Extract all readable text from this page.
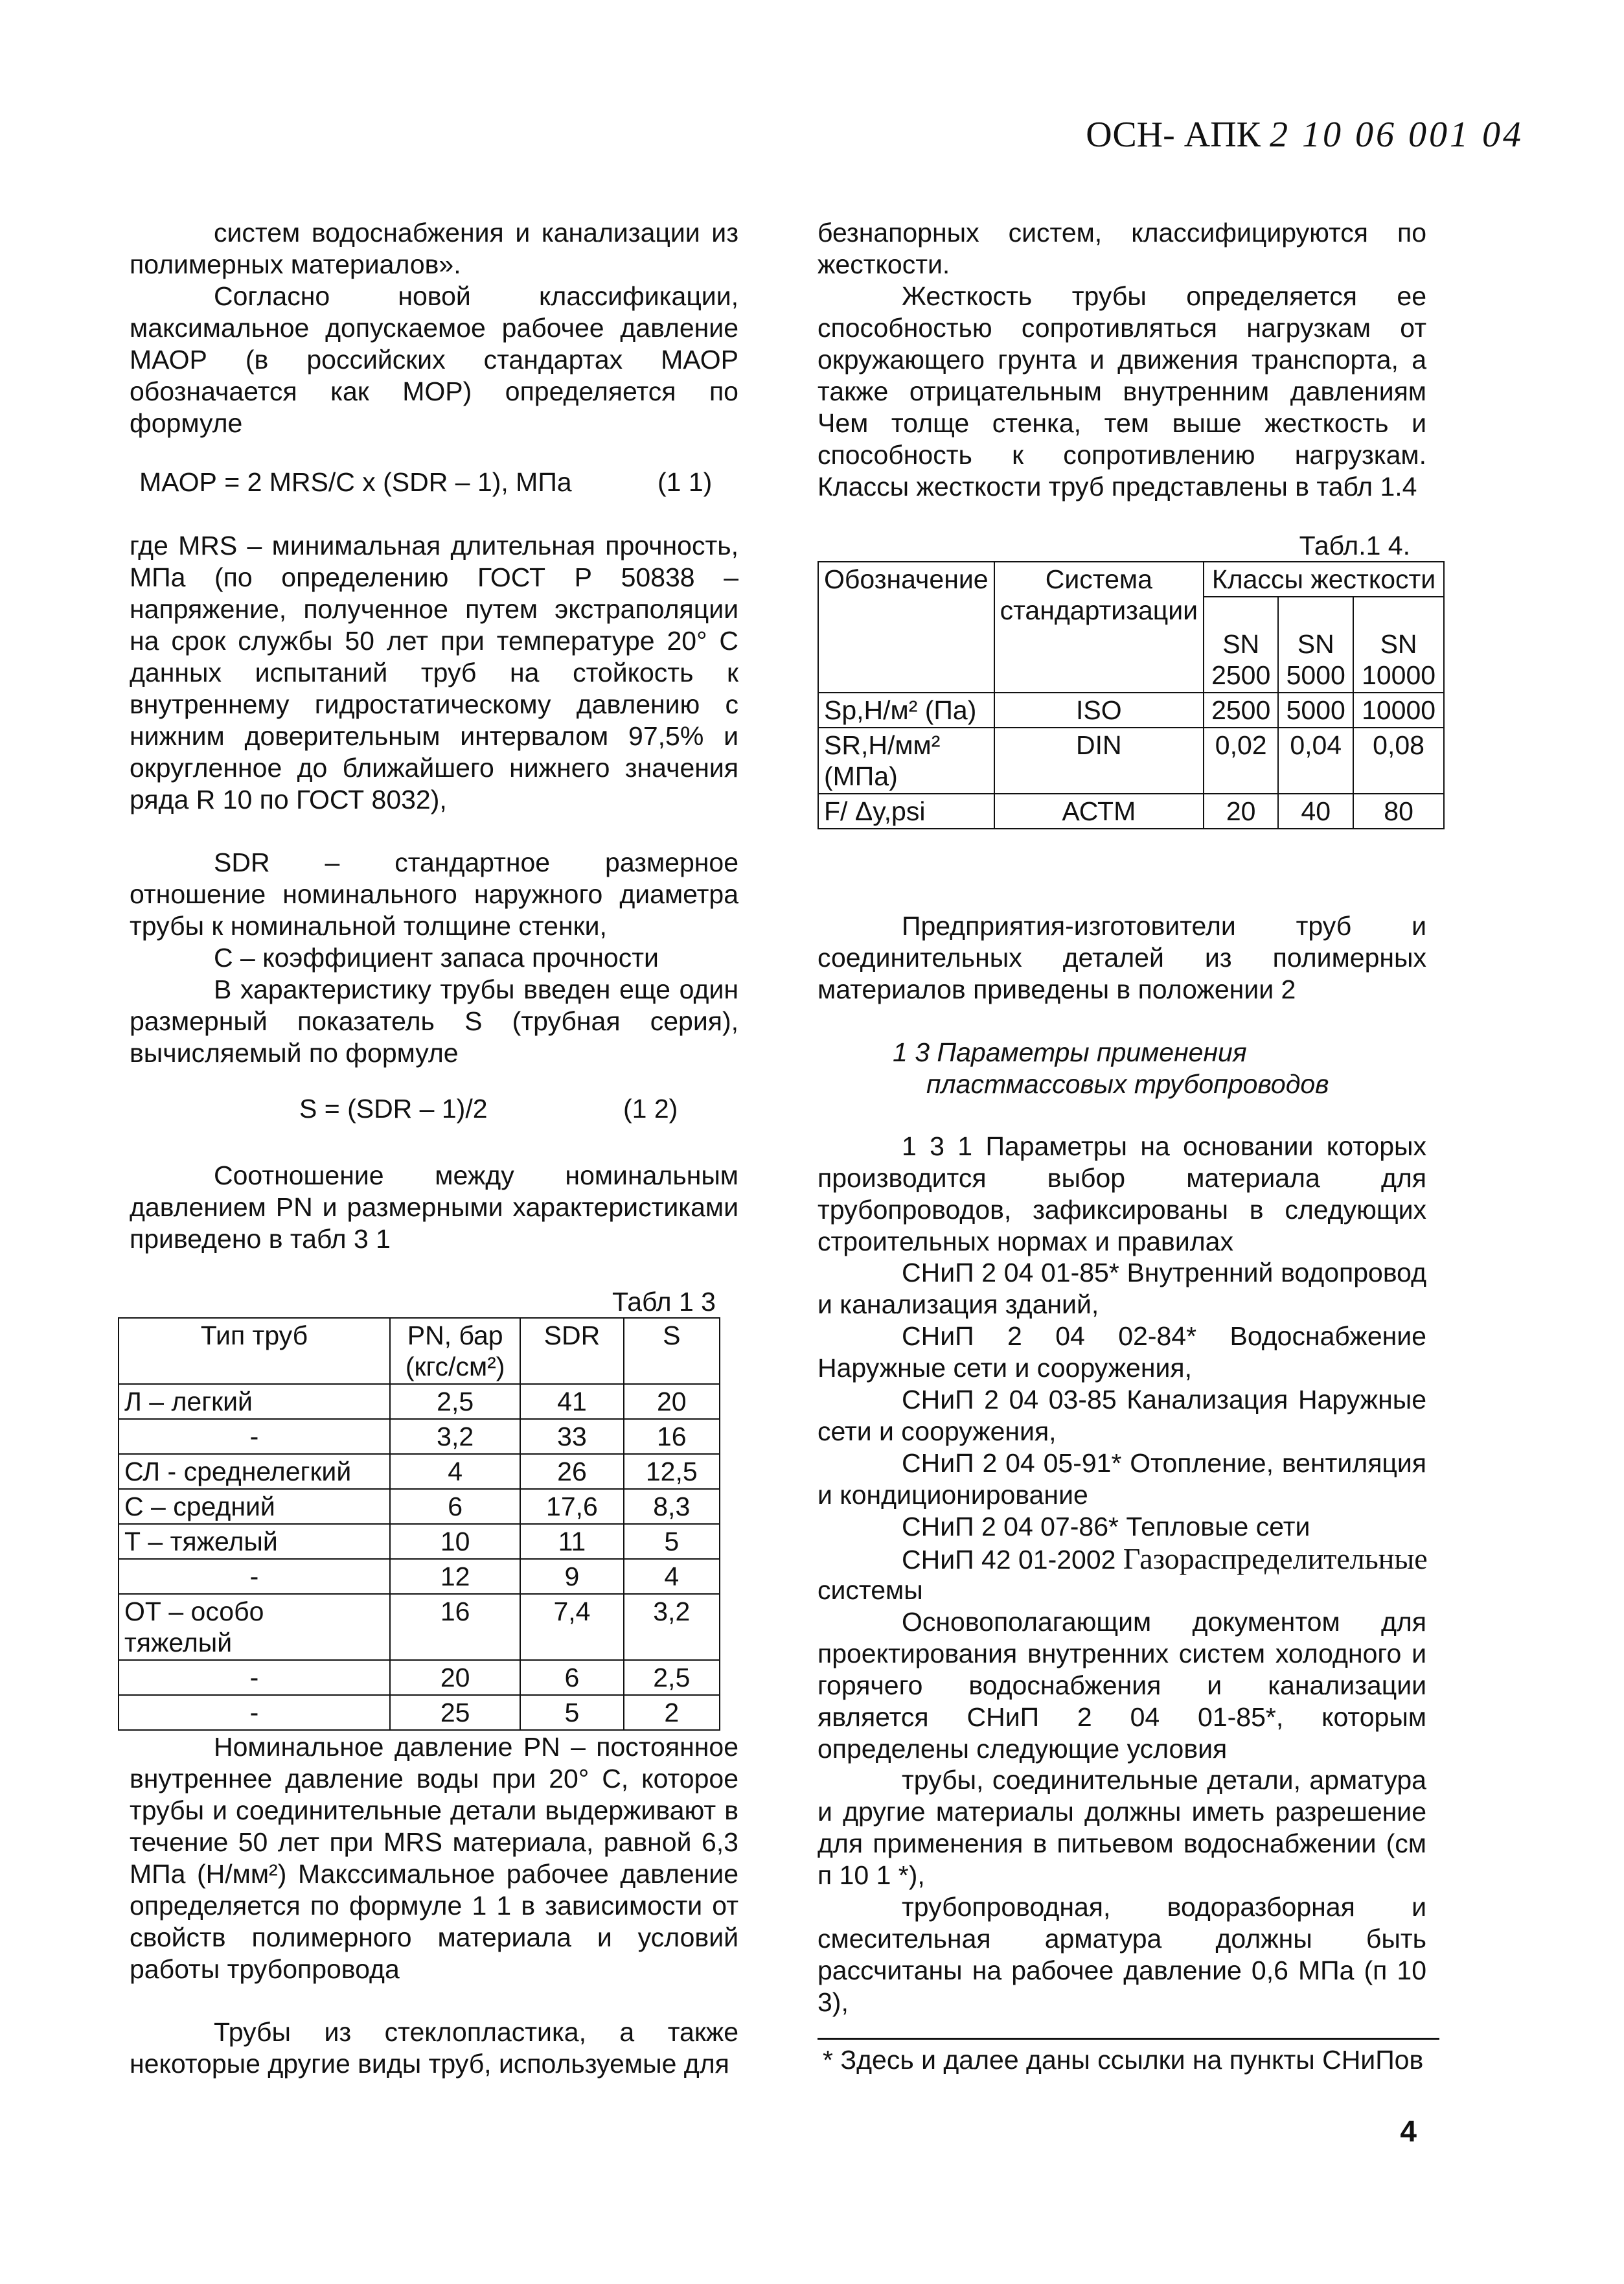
ОСН- АПК 2 10 06 001 04

систем водоснабжения и канализации из полимерных материалов».

Согласно новой классификации, максимальное допускаемое рабочее давление МАОР (в российских стандартах МАОР обозначается как МОР) определяется по формуле

МАОР = 2 MRS/C x (SDR – 1), МПа	(1 1)

где MRS – минимальная длительная прочность, МПа (по определению ГОСТ Р 50838 – напряжение, полученное путем экстраполяции на срок службы 50 лет при температуре 20° С данных испытаний труб на стойкость к внутреннему гидростатическому давлению с нижним доверительным интервалом 97,5% и округленное до ближайшего нижнего значения ряда R 10 по ГОСТ 8032),

SDR – стандартное размерное отношение номинального наружного диаметра трубы к номинальной толщине стенки,

С – коэффициент запаса прочности

В характеристику трубы введен еще один размерный показатель S (трубная серия), вычисляемый по формуле

S = (SDR – 1)/2	(1 2)

Соотношение между номинальным давлением PN и размерными характеристиками приведено в табл 3 1

Табл 1 3
Тип труб	PN, бар (кгс/см²)	SDR	S
Л – легкий	2,5	41	20
-	3,2	33	16
СЛ - среднелегкий	4	26	12,5
С – средний	6	17,6	8,3
Т – тяжелый	10	11	5
-	12	9	4
ОТ – особо тяжелый	16	7,4	3,2
-	20	6	2,5
-	25	5	2

Номинальное давление PN – постоянное внутреннее давление воды при 20° С, которое трубы и соединительные детали выдерживают в течение 50 лет при MRS материала, равной 6,3 МПа (Н/мм²) Максcимальное рабочее давление определяется по формуле 1 1 в зависимости от свойств полимерного материала и условий работы трубопровода

Трубы из стеклопластика, а также некоторые другие виды труб, используемые для

безнапорных систем, классифицируются по жесткости.

Жесткость трубы определяется ее способностью сопротивляться нагрузкам от окружающего грунта и движения транспорта, а также отрицательным внутренним давлениям Чем толще стенка, тем выше жесткость и способность к сопротивлению нагрузкам. Классы жесткости труб представлены в табл 1.4

Табл.1 4.
Обозначение	Система стандартизации	Классы жесткости		
		SN 2500	SN 5000	SN 10000
Sр,Н/м² (Па)	ISO	2500	5000	10000
SR,Н/мм² (МПа)	DIN	0,02	0,04	0,08
F/ Δy,psi	АСТМ	20	40	80

Предприятия-изготовители труб и соединительных деталей из полимерных материалов приведены в положении 2

1 3 Параметры применения
пластмассовых трубопроводов

1 3 1 Параметры на основании которых производится выбор материала для трубопроводов, зафиксированы в следующих строительных нормах и правилах

СНиП 2 04 01-85* Внутренний водопровод и канализация зданий,

СНиП 2 04 02-84* Водоснабжение Наружные сети и сооружения,

СНиП 2 04 03-85 Канализация Наружные сети и сооружения,

СНиП 2 04 05-91* Отопление, вентиляция и кондиционирование

СНиП 2 04 07-86* Тепловые сети

СНиП 42 01-2002 Газораспределительные

системы

Основополагающим документом для проектирования внутренних систем холодного и горячего водоснабжения и канализации является СНиП 2 04 01-85*, которым определены следующие условия

трубы, соединительные детали, арматура и другие материалы должны иметь разрешение для применения в питьевом водоснабжении (см п 10 1 *),

трубопроводная, водоразборная и смесительная арматура должны быть рассчитаны на рабочее давление 0,6 МПа (п 10 3),

* Здесь и далее даны ссылки на пункты СНиПов

4
